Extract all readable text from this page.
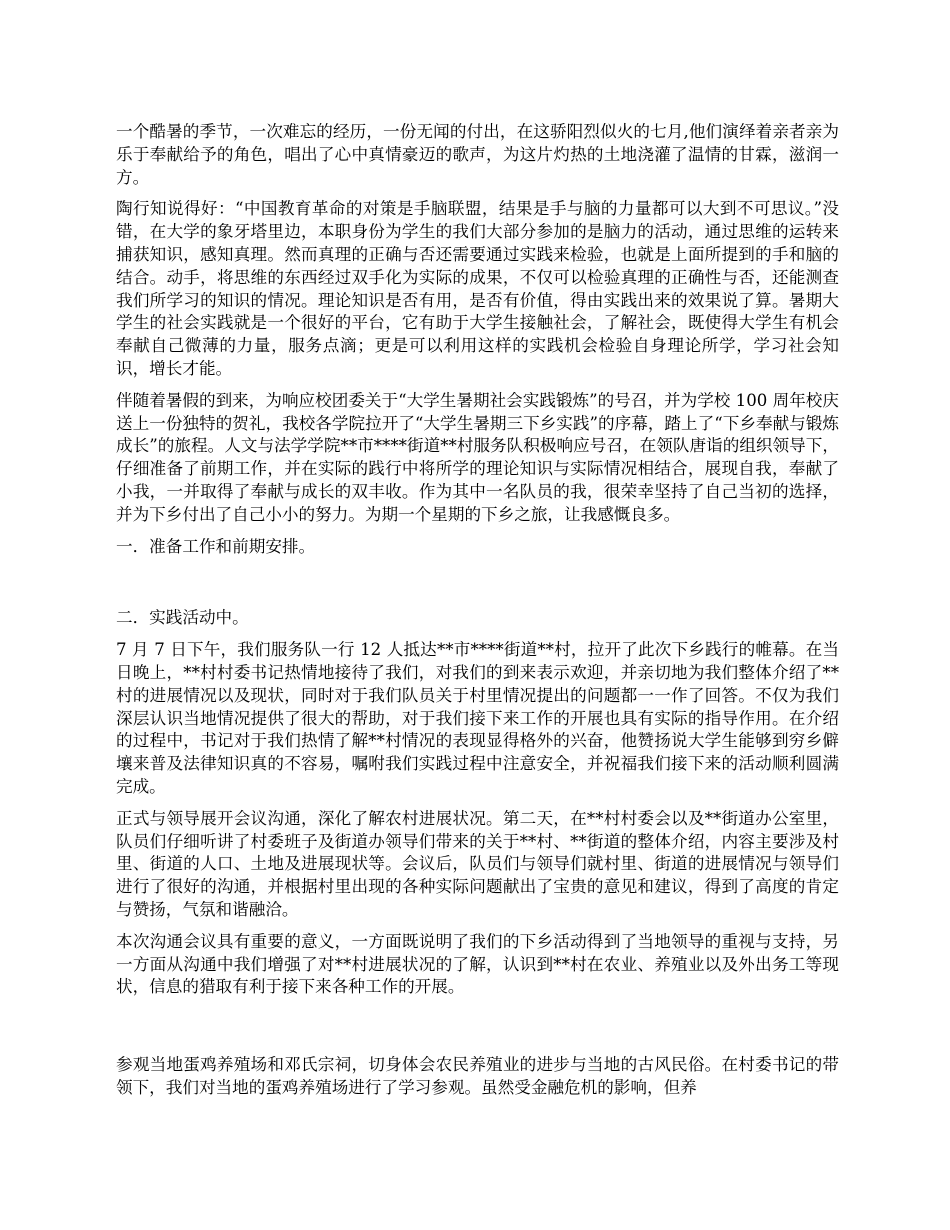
一个酷暑的季节，一次难忘的经历，一份无闻的付出，在这骄阳烈似火的七月,他们演绎着亲者亲为乐于奉献给予的角色，唱出了心中真情豪迈的歌声，为这片灼热的土地浇灌了温情的甘霖，滋润一方。

陶行知说得好：“中国教育革命的对策是手脑联盟，结果是手与脑的力量都可以大到不可思议。”没错，在大学的象牙塔里边，本职身份为学生的我们大部分参加的是脑力的活动，通过思维的运转来捕获知识，感知真理。然而真理的正确与否还需要通过实践来检验，也就是上面所提到的手和脑的结合。动手，将思维的东西经过双手化为实际的成果，不仅可以检验真理的正确性与否，还能测查我们所学习的知识的情况。理论知识是否有用，是否有价值，得由实践出来的效果说了算。暑期大学生的社会实践就是一个很好的平台，它有助于大学生接触社会，了解社会，既使得大学生有机会奉献自己微薄的力量，服务点滴；更是可以利用这样的实践机会检验自身理论所学，学习社会知识，增长才能。

伴随着暑假的到来，为响应校团委关于“大学生暑期社会实践锻炼”的号召，并为学校 100 周年校庆送上一份独特的贺礼，我校各学院拉开了“大学生暑期三下乡实践”的序幕，踏上了“下乡奉献与锻炼成长”的旅程。人文与法学学院**市****街道**村服务队积极响应号召，在领队唐诣的组织领导下，仔细准备了前期工作，并在实际的践行中将所学的理论知识与实际情况相结合，展现自我，奉献了小我，一并取得了奉献与成长的双丰收。作为其中一名队员的我，很荣幸坚持了自己当初的选择，并为下乡付出了自己小小的努力。为期一个星期的下乡之旅，让我感慨良多。

一．准备工作和前期安排。

二．实践活动中。

7 月 7 日下午，我们服务队一行 12 人抵达**市****街道**村，拉开了此次下乡践行的帷幕。在当日晚上，**村村委书记热情地接待了我们，对我们的到来表示欢迎，并亲切地为我们整体介绍了**村的进展情况以及现状，同时对于我们队员关于村里情况提出的问题都一一作了回答。不仅为我们深层认识当地情况提供了很大的帮助，对于我们接下来工作的开展也具有实际的指导作用。在介绍的过程中，书记对于我们热情了解**村情况的表现显得格外的兴奋，他赞扬说大学生能够到穷乡僻壤来普及法律知识真的不容易，嘱咐我们实践过程中注意安全，并祝福我们接下来的活动顺利圆满完成。

正式与领导展开会议沟通，深化了解农村进展状况。第二天，在**村村委会以及**街道办公室里，队员们仔细听讲了村委班子及街道办领导们带来的关于**村、**街道的整体介绍，内容主要涉及村里、街道的人口、土地及进展现状等。会议后，队员们与领导们就村里、街道的进展情况与领导们进行了很好的沟通，并根据村里出现的各种实际问题献出了宝贵的意见和建议，得到了高度的肯定与赞扬，气氛和谐融洽。

本次沟通会议具有重要的意义，一方面既说明了我们的下乡活动得到了当地领导的重视与支持，另一方面从沟通中我们增强了对**村进展状况的了解，认识到**村在农业、养殖业以及外出务工等现状，信息的猎取有利于接下来各种工作的开展。

参观当地蛋鸡养殖场和邓氏宗祠，切身体会农民养殖业的进步与当地的古风民俗。在村委书记的带领下，我们对当地的蛋鸡养殖场进行了学习参观。虽然受金融危机的影响，但养
